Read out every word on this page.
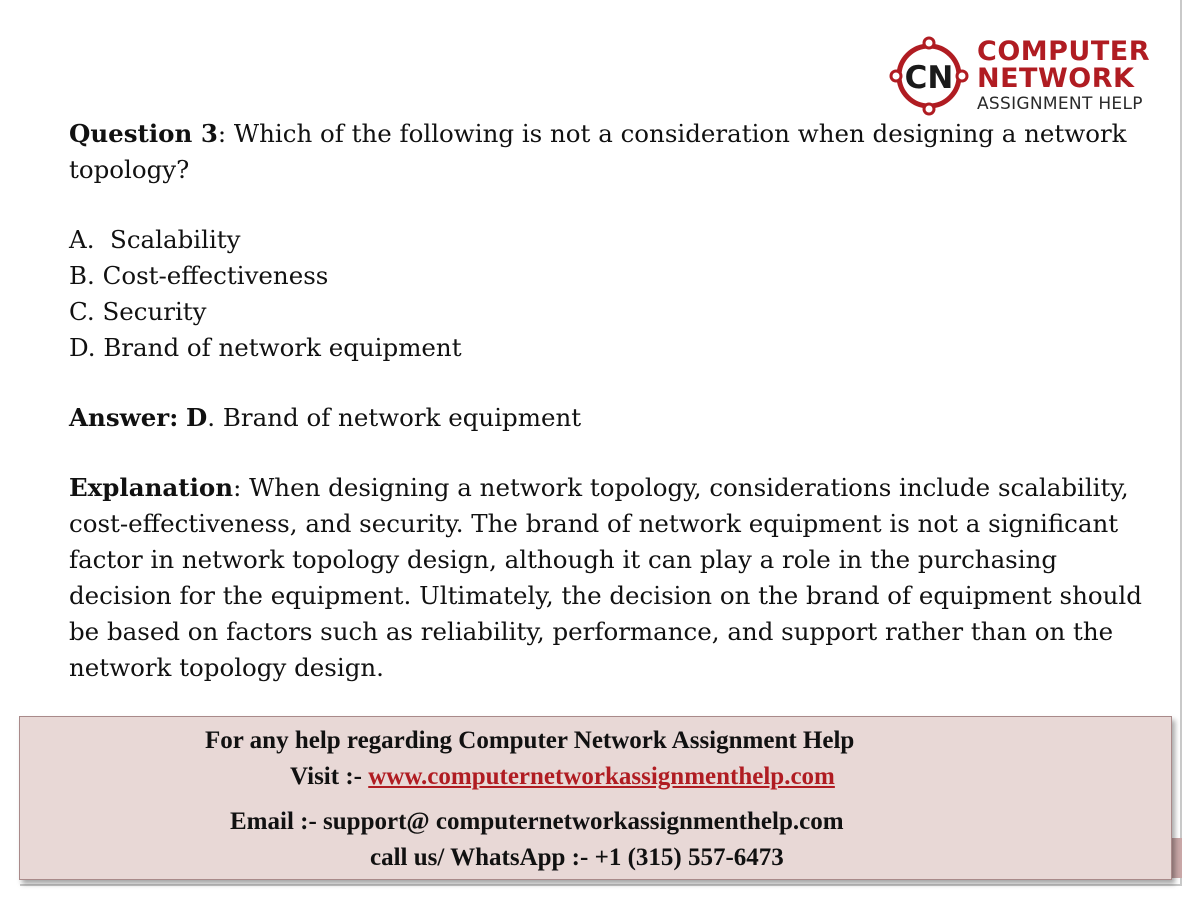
CN
COMPUTER
NETWORK
ASSIGNMENT HELP

Question 3: Which of the following is not a consideration when designing a network topology?

A.  Scalability
B. Cost-effectiveness
C. Security
D. Brand of network equipment

Answer: D. Brand of network equipment

Explanation: When designing a network topology, considerations include scalability, cost-effectiveness, and security. The brand of network equipment is not a significant factor in network topology design, although it can play a role in the purchasing decision for the equipment. Ultimately, the decision on the brand of equipment should be based on factors such as reliability, performance, and support rather than on the network topology design.

For any help regarding Computer Network Assignment Help
Visit :- www.computernetworkassignmenthelp.com
Email :- support@ computernetworkassignmenthelp.com
call us/ WhatsApp :- +1 (315) 557-6473
